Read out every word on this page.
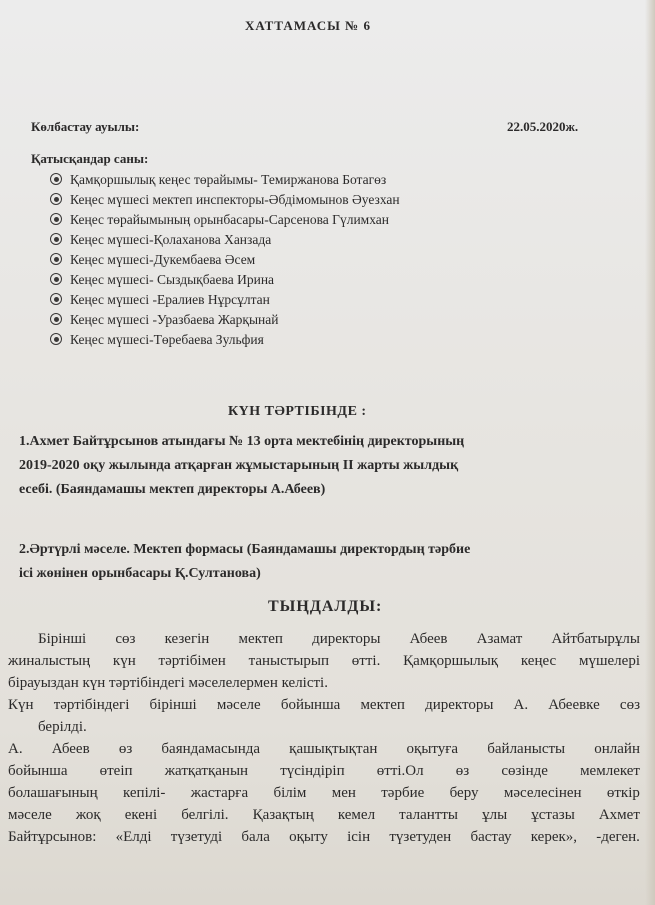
ХАТТАМАСЫ № 6
Көлбастау ауылы:	22.05.2020ж.
Қатысқандар саны:
Қамқоршылық кеңес төрайымы- Темиржанова Ботагөз
Кеңес мүшесі мектеп инспекторы-Әбдімомынов Әуезхан
Кеңес төрайымының орынбасары-Сарсенова Гүлимхан
Кеңес мүшесі-Қолаханова Ханзада
Кеңес мүшесі-Дукембаева Әсем
Кеңес мүшесі- Сыздықбаева Ирина
Кеңес мүшесі -Ералиев Нұрсұлтан
Кеңес мүшесі -Уразбаева Жарқынай
Кеңес мүшесі-Төребаева Зульфия
КҮН ТӘРТІБІНДЕ :
1.Ахмет Байтұрсынов атындағы № 13 орта мектебінің директорының
2019-2020 оқу жылында атқарған жұмыстарының ІІ жарты жылдық
есебі. (Баяндамашы мектеп директоры А.Абеев)
2.Әртүрлі мәселе. Мектеп формасы (Баяндамашы директордың тәрбие
ісі жөнінен орынбасары Қ.Султанова)
ТЫҢДАЛДЫ:
Бірінші сөз кезегін мектеп директоры Абеев Азамат Айтбатырұлы
жиналыстың күн тәртібімен таныстырып өтті. Қамқоршылық кеңес мүшелері
бірауыздан күн тәртібіндегі мәселелермен келісті.
Күн тәртібіндегі бірінші мәселе бойынша мектеп директоры А. Абеевке сөз
берілді.
А. Абеев өз баяндамасында қашықтықтан оқытуға байланысты онлайн
бойынша өтеіп жатқатқанын түсіндіріп өтті.Ол өз сөзінде мемлекет
болашағының кепілі- жастарға білім мен тәрбие беру мәселесінен өткір
мәселе жоқ екені белгілі. Қазақтың кемел талантты ұлы ұстазы Ахмет
Байтұрсынов: «Елді түзетуді бала оқыту ісін түзетуден бастау керек», -деген.
